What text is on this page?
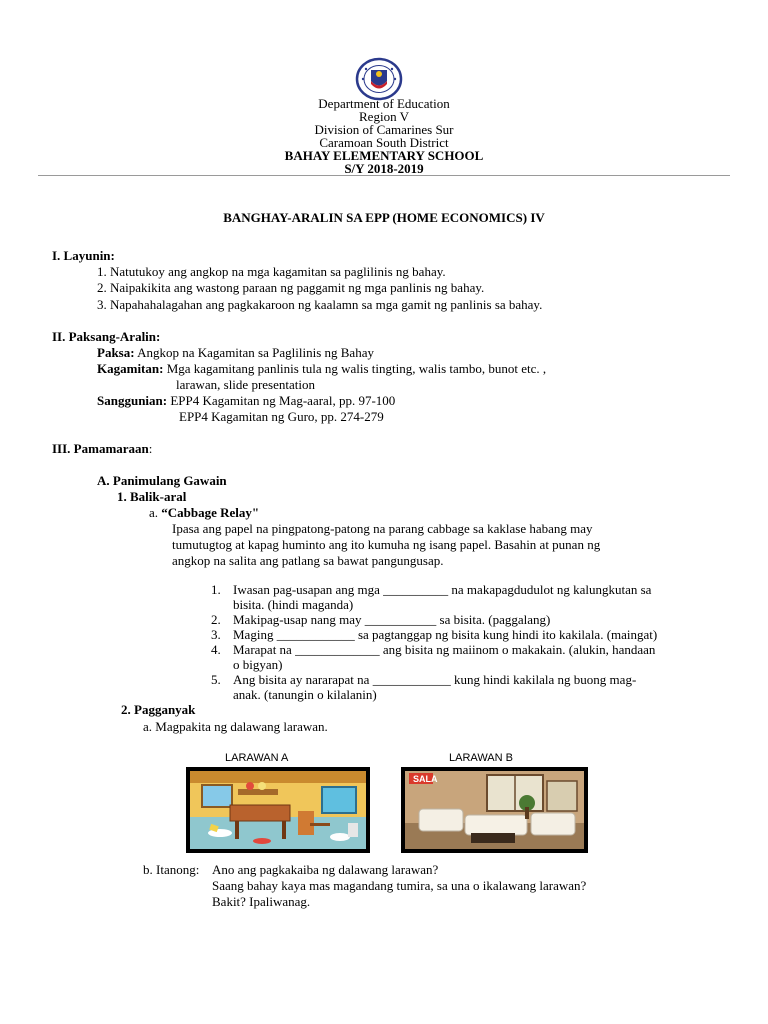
Department of Education
Region V
Division of Camarines Sur
Caramoan South District
BAHAY ELEMENTARY SCHOOL
S/Y 2018-2019
BANGHAY-ARALIN SA EPP (HOME ECONOMICS) IV
I. Layunin:
1. Natutukoy ang angkop na mga kagamitan sa paglilinis ng bahay.
2. Naipakikita ang wastong paraan ng paggamit ng mga panlinis ng bahay.
3. Napahahalagahan ang pagkakaroon ng kaalamn sa mga gamit ng panlinis sa bahay.
II. Paksang-Aralin:
Paksa: Angkop na Kagamitan sa Paglilinis ng Bahay
Kagamitan: Mga kagamitang panlinis tula ng walis tingting, walis tambo, bunot etc. ,
larawan, slide presentation
Sanggunian: EPP4 Kagamitan ng Mag-aaral, pp. 97-100
EPP4 Kagamitan ng Guro, pp. 274-279
III. Pamamaraan:
A. Panimulang Gawain
1. Balik-aral
a. “Cabbage Relay"
Ipasa ang papel na pingpatong-patong na parang cabbage sa kaklase habang may
tumutugtog at kapag huminto ang ito kumuha ng isang papel. Basahin at punan ng
angkop na salita ang patlang sa bawat pangungusap.
1. Iwasan pag-usapan ang mga __________ na makapagdudulot ng kalungkutan sa
bisita. (hindi maganda)
2. Makipag-usap nang may ___________ sa bisita. (paggalang)
3. Maging ____________ sa pagtanggap ng bisita kung hindi ito kakilala. (maingat)
4. Marapat na _____________ ang bisita ng maiinom o makakain. (alukin, handaan
o bigyan)
5. Ang bisita ay nararapat na ____________ kung hindi kakilala ng buong mag-
anak. (tanungin o kilalanin)
2. Pagganyak
a. Magpakita ng dalawang larawan.
LARAWAN A	LARAWAN B
SALA
b. Itanong: Ano ang pagkakaiba ng dalawang larawan?
Saang bahay kaya mas magandang tumira, sa una o ikalawang larawan?
Bakit? Ipaliwanag.
